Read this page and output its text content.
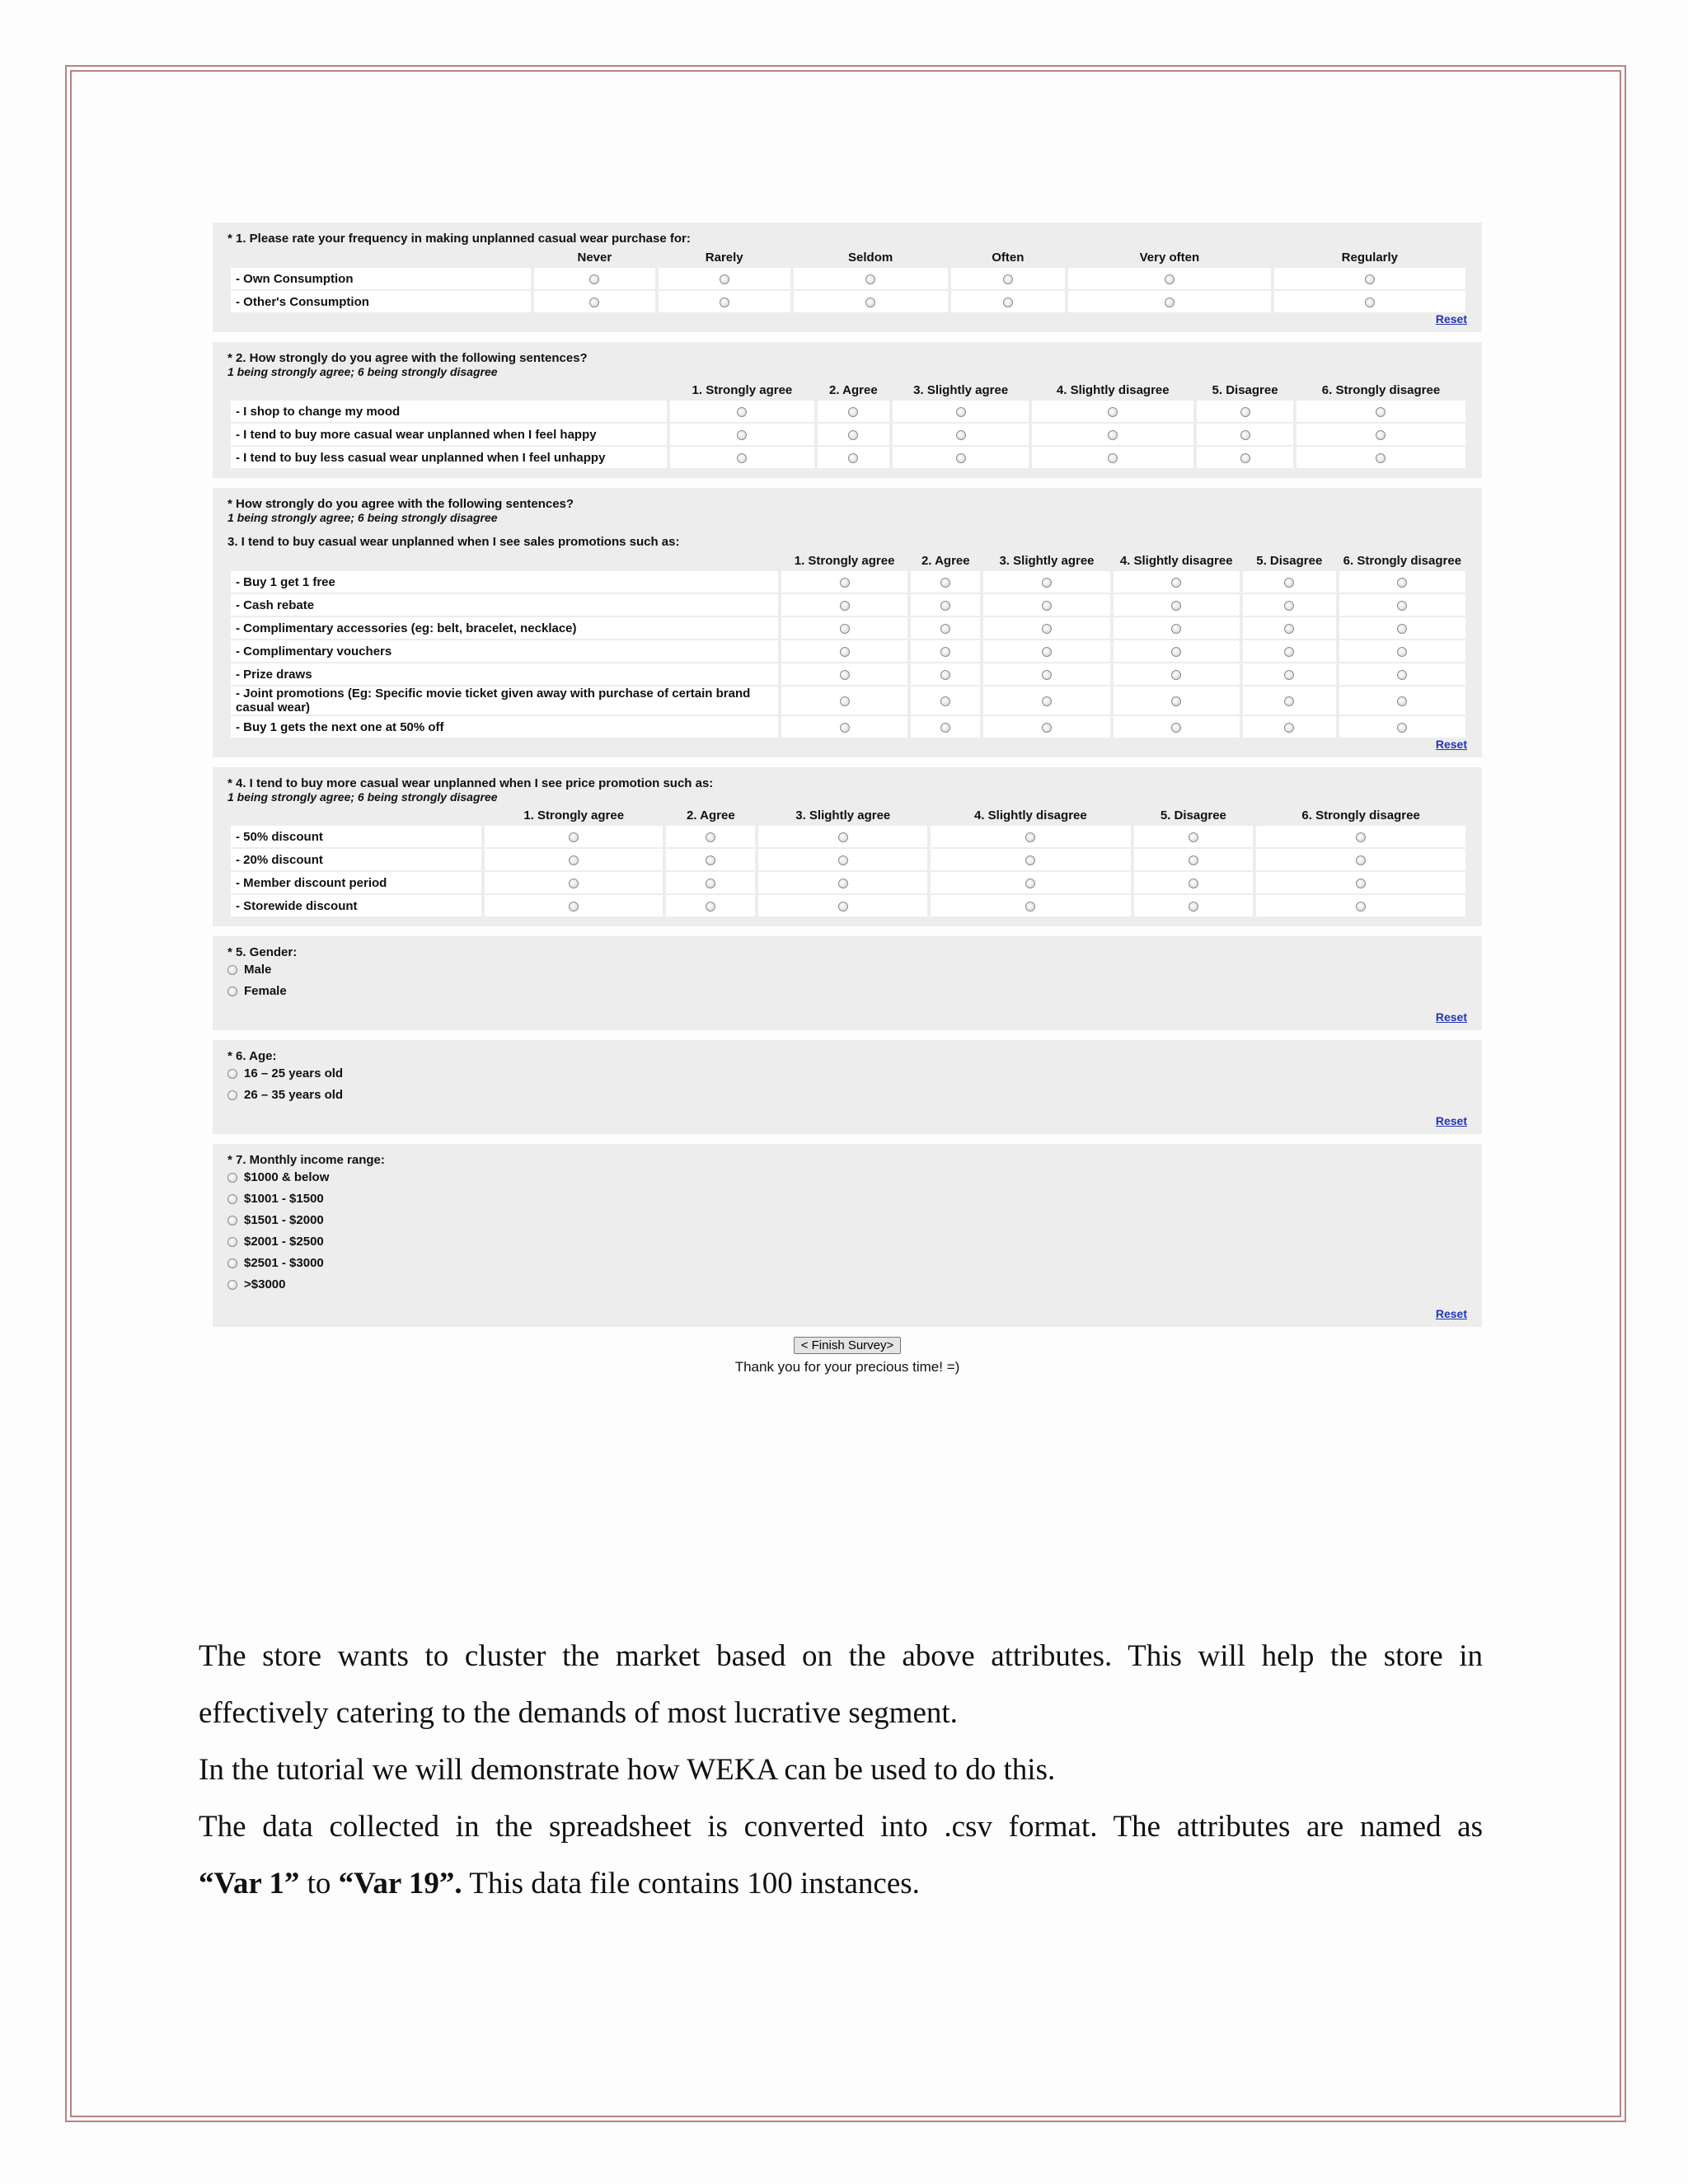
* 1. Please rate your frequency in making unplanned casual wear purchase for:
	Never	Rarely	Seldom	Often	Very often	Regularly
- Own Consumption						
- Other's Consumption						
Reset
* 2. How strongly do you agree with the following sentences?
1 being strongly agree; 6 being strongly disagree
	1. Strongly agree	2. Agree	3. Slightly agree	4. Slightly disagree	5. Disagree	6. Strongly disagree
- I shop to change my mood						
- I tend to buy more casual wear unplanned when I feel happy						
- I tend to buy less casual wear unplanned when I feel unhappy						
* How strongly do you agree with the following sentences?
1 being strongly agree; 6 being strongly disagree
3. I tend to buy casual wear unplanned when I see sales promotions such as:
	1. Strongly agree	2. Agree	3. Slightly agree	4. Slightly disagree	5. Disagree	6. Strongly disagree
- Buy 1 get 1 free						
- Cash rebate						
- Complimentary accessories (eg: belt, bracelet, necklace)						
- Complimentary vouchers						
- Prize draws						
- Joint promotions (Eg: Specific movie ticket given away with purchase of certain brand casual wear)						
- Buy 1 gets the next one at 50% off						
Reset
* 4. I tend to buy more casual wear unplanned when I see price promotion such as:
1 being strongly agree; 6 being strongly disagree
	1. Strongly agree	2. Agree	3. Slightly agree	4. Slightly disagree	5. Disagree	6. Strongly disagree
- 50% discount						
- 20% discount						
- Member discount period						
- Storewide discount						
* 5. Gender:
Male
Female
Reset
* 6. Age:
16 – 25 years old
26 – 35 years old
Reset
* 7. Monthly income range:
$1000 & below
$1001 - $1500
$1501 - $2000
$2001 - $2500
$2501 - $3000
>$3000
Reset
< Finish Survey>
Thank you for your precious time! =)

The store wants to cluster the market based on the above attributes. This will help the store in

effectively catering to the demands of most lucrative segment.

In the tutorial we will demonstrate how WEKA can be used to do this.

The data collected in the spreadsheet is converted into .csv format. The attributes are named as

“Var 1” to “Var 19”. This data file contains 100 instances.
